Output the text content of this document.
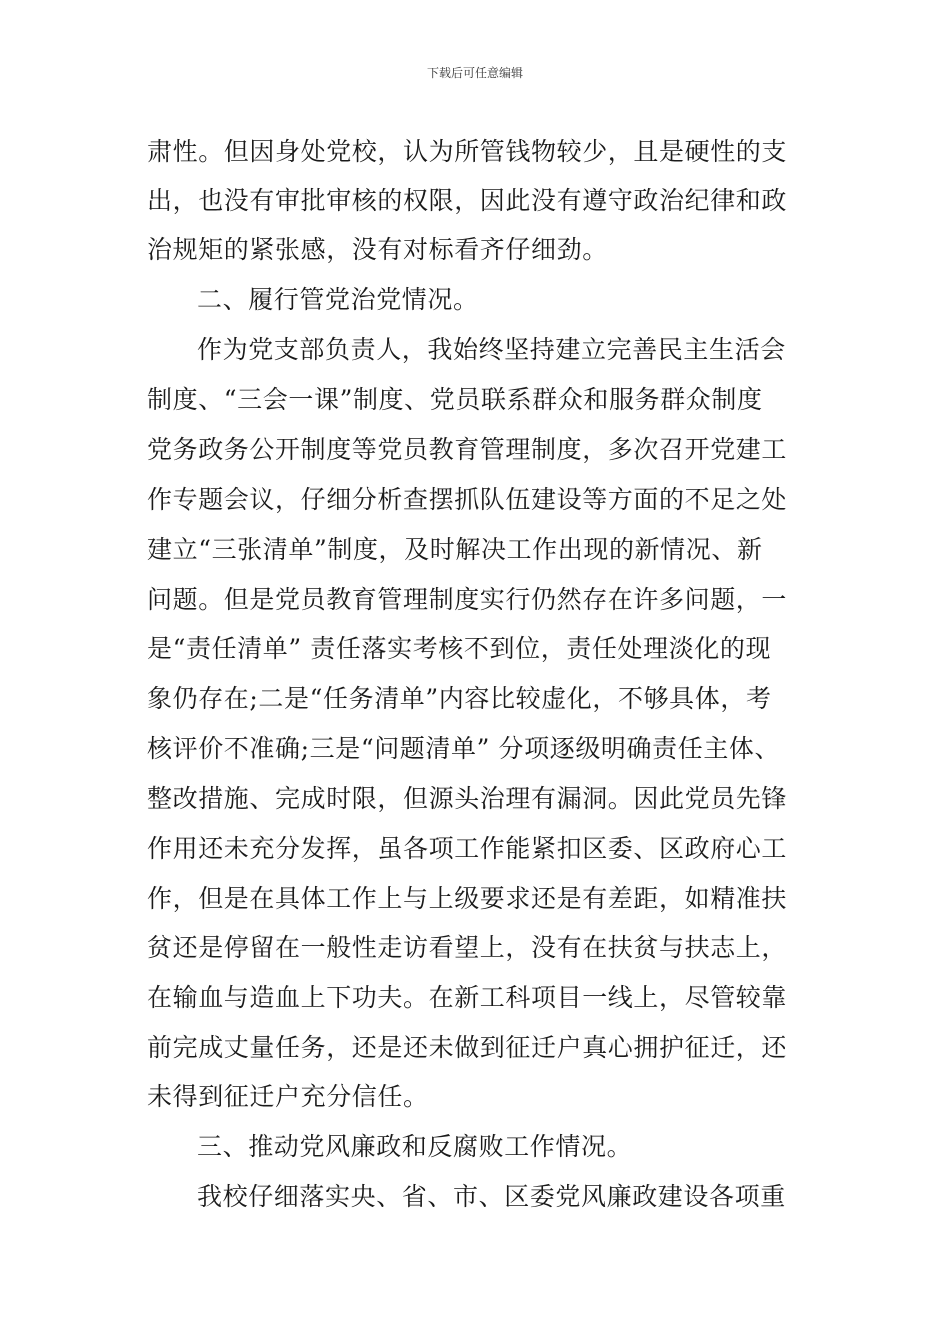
下载后可任意编辑
肃性。但因身处党校，认为所管钱物较少，且是硬性的支
出，也没有审批审核的权限，因此没有遵守政治纪律和政
治规矩的紧张感，没有对标看齐仔细劲。
二、履行管党治党情况。
作为党支部负责人，我始终坚持建立完善民主生活会
制度、“三会一课”制度、党员联系群众和服务群众制度
党务政务公开制度等党员教育管理制度，多次召开党建工
作专题会议，仔细分析查摆抓队伍建设等方面的不足之处
建立“三张清单”制度，及时解决工作出现的新情况、新
问题。但是党员教育管理制度实行仍然存在许多问题，一
是“责任清单” 责任落实考核不到位，责任处理淡化的现
象仍存在;二是“任务清单”内容比较虚化，不够具体，考
核评价不准确;三是“问题清单” 分项逐级明确责任主体、
整改措施、完成时限，但源头治理有漏洞。因此党员先锋
作用还未充分发挥，虽各项工作能紧扣区委、区政府心工
作，但是在具体工作上与上级要求还是有差距，如精准扶
贫还是停留在一般性走访看望上，没有在扶贫与扶志上，
在输血与造血上下功夫。在新工科项目一线上，尽管较靠
前完成丈量任务，还是还未做到征迁户真心拥护征迁，还
未得到征迁户充分信任。
三、推动党风廉政和反腐败工作情况。
我校仔细落实央、省、市、区委党风廉政建设各项重
